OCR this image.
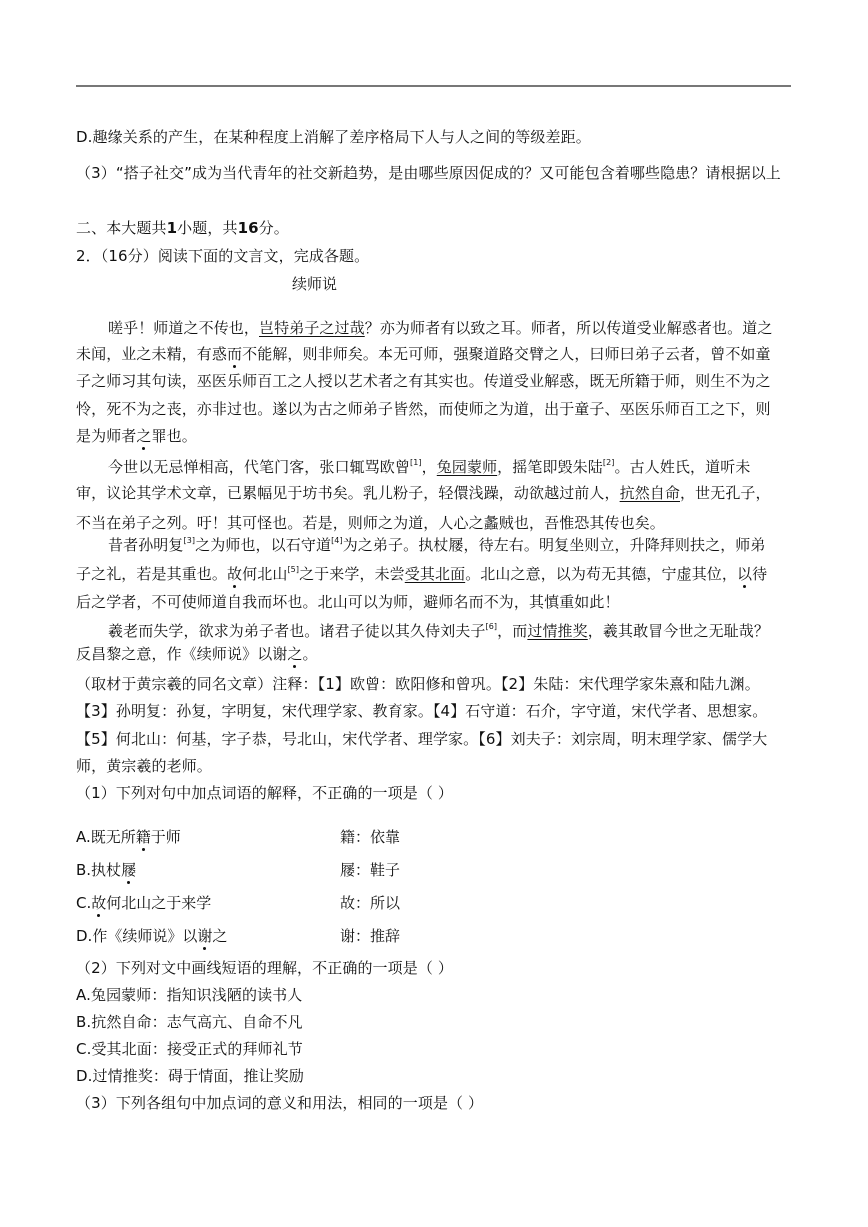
D.趣缘关系的产生，在某种程度上消解了差序格局下人与人之间的等级差距。
（3）“搭子社交”成为当代青年的社交新趋势，是由哪些原因促成的？又可能包含着哪些隐患？请根据以上
二、本大题共1小题，共16分。
2．（16分）阅读下面的文言文，完成各题。
续师说
嗟乎！师道之不传也，岂特弟子之过哉？亦为师者有以致之耳。师者，所以传道受业解惑者也。道之
未闻，业之未精，有惑而不能解，则非师矣。本无可师，强聚道路交臂之人，曰师曰弟子云者，曾不如童
子之师习其句读，巫医乐师百工之人授以艺术者之有其实也。传道受业解惑，既无所籍于师，则生不为之
怜，死不为之丧，亦非过也。遂以为古之师弟子皆然，而使师之为道，出于童子、巫医乐师百工之下，则
是为师者之罪也。
今世以无忌惮相高，代笔门客，张口辄骂欧曾[1]，兔园蒙师，摇笔即毁朱陆[2]。古人姓氏，道听未
审，议论其学术文章，已累幅见于坊书矣。乳儿粉子，轻儇浅躁，动欲越过前人，抗然自命，世无孔子，
不当在弟子之列。吁！其可怪也。若是，则师之为道，人心之蠡贼也，吾惟恐其传也矣。
昔者孙明复[3]之为师也，以石守道[4]为之弟子。执杖屦，待左右。明复坐则立，升降拜则扶之，师弟
子之礼，若是其重也。故何北山[5]之于来学，未尝受其北面。北山之意，以为苟无其德，宁虚其位，以待
后之学者，不可使师道自我而坏也。北山可以为师，避师名而不为，其慎重如此！
羲老而失学，欲求为弟子者也。诸君子徒以其久侍刘夫子[6]，而过情推奖，羲其敢冒今世之无耻哉？
反昌黎之意，作《续师说》以谢之。
（取材于黄宗羲的同名文章）注释：【1】欧曾：欧阳修和曾巩。【2】朱陆：宋代理学家朱熹和陆九渊。
【3】孙明复：孙复，字明复，宋代理学家、教育家。【4】石守道：石介，字守道，宋代学者、思想家。
【5】何北山：何基，字子恭，号北山，宋代学者、理学家。【6】刘夫子：刘宗周，明末理学家、儒学大
师，黄宗羲的老师。
（1）下列对句中加点词语的解释，不正确的一项是（ ）
A.既无所籍于师	籍：依靠
B.执杖屦	屦：鞋子
C.故何北山之于来学	故：所以
D.作《续师说》以谢之	谢：推辞
（2）下列对文中画线短语的理解，不正确的一项是（ ）
A.兔园蒙师：指知识浅陋的读书人
B.抗然自命：志气高亢、自命不凡
C.受其北面：接受正式的拜师礼节
D.过情推奖：碍于情面，推让奖励
（3）下列各组句中加点词的意义和用法，相同的一项是（ ）
